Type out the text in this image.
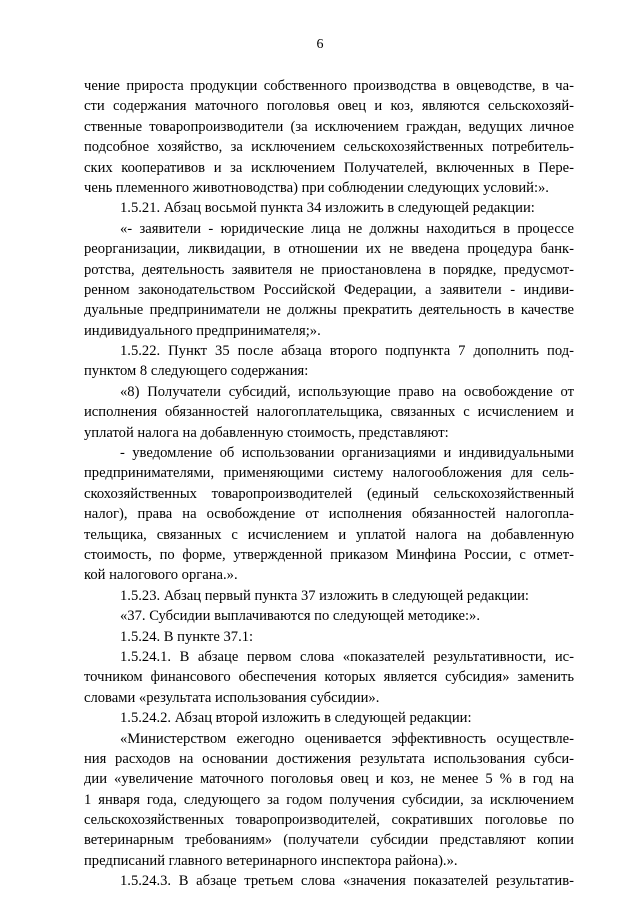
6
чение прироста продукции собственного производства в овцеводстве, в ча-
сти содержания маточного поголовья овец и коз, являются сельскохозяй-
ственные товаропроизводители (за исключением граждан, ведущих личное
подсобное хозяйство, за исключением сельскохозяйственных потребитель-
ских кооперативов и за исключением Получателей, включенных в Пере-
чень племенного животноводства) при соблюдении следующих условий:».
1.5.21. Абзац восьмой пункта 34 изложить в следующей редакции:
«- заявители - юридические лица не должны находиться в процессе
реорганизации, ликвидации, в отношении их не введена процедура банк-
ротства, деятельность заявителя не приостановлена в порядке, предусмот-
ренном законодательством Российской Федерации, а заявители - индиви-
дуальные предприниматели не должны прекратить деятельность в качестве
индивидуального предпринимателя;».
1.5.22. Пункт 35 после абзаца второго подпункта 7 дополнить под-
пунктом 8 следующего содержания:
«8) Получатели субсидий, использующие право на освобождение от
исполнения обязанностей налогоплательщика, связанных с исчислением и
уплатой налога на добавленную стоимость, представляют:
- уведомление об использовании организациями и индивидуальными
предпринимателями, применяющими систему налогообложения для сель-
скохозяйственных товаропроизводителей (единый сельскохозяйственный
налог), права на освобождение от исполнения обязанностей налогопла-
тельщика, связанных с исчислением и уплатой налога на добавленную
стоимость, по форме, утвержденной приказом Минфина России, с отмет-
кой налогового органа.».
1.5.23. Абзац первый пункта 37 изложить в следующей редакции:
«37. Субсидии выплачиваются по следующей методике:».
1.5.24. В пункте 37.1:
1.5.24.1. В абзаце первом слова «показателей результативности, ис-
точником финансового обеспечения которых является субсидия» заменить
словами «результата использования субсидии».
1.5.24.2. Абзац второй изложить в следующей редакции:
«Министерством ежегодно оценивается эффективность осуществле-
ния расходов на основании достижения результата использования субси-
дии «увеличение маточного поголовья овец и коз, не менее 5 % в год на
1 января года, следующего за годом получения субсидии, за исключением
сельскохозяйственных товаропроизводителей, сокративших поголовье по
ветеринарным требованиям» (получатели субсидии представляют копии
предписаний главного ветеринарного инспектора района).».
1.5.24.3. В абзаце третьем слова «значения показателей результатив-
